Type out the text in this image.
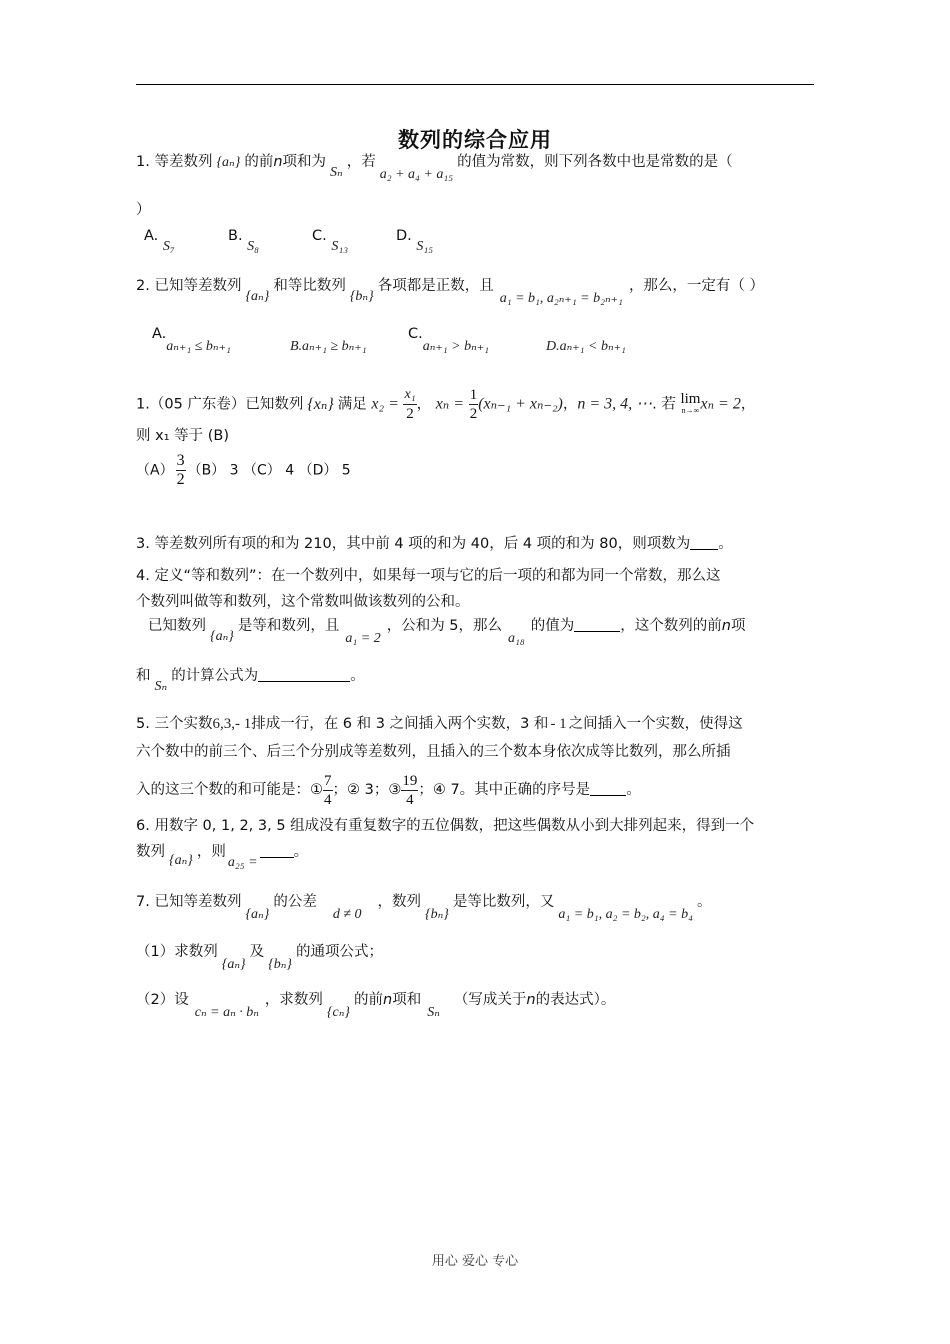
数列的综合应用
1. 等差数列 {aₙ} 的前n项和为Sₙ，若a₂ + a₄ + a₁₅的值为常数，则下列各数中也是常数的是（
）
A. S₇
B. S₈
C. S₁₃
D. S₁₅
2. 已知等差数列{aₙ}和等比数列{bₙ}各项都是正数，且a₁ = b₁, a₂ₙ₊₁ = b₂ₙ₊₁，那么，一定有（ ）
A.aₙ₊₁ ≤ bₙ₊₁	B.aₙ₊₁ ≥ bₙ₊₁
C.aₙ₊₁ > bₙ₊₁	D.aₙ₊₁ < bₙ₊₁
1.（05 广东卷）已知数列 {xₙ} 满足 $x_2 = \frac{\text{x₁}}{2}$ ， $x_n = \frac{1}{2} (x_{n-1} + x_{n-2})$，n = 3, 4, ⋯. 若 lim
n→∞ xₙ = 2，
则 x₁ 等于 (B)
$(A) \frac{3}{2} (B)$ 3 （C） 4 （D） 5
3. 等差数列所有项的和为 210，其中前 4 项的和为 40，后 4 项的和为 80，则项数为 。
4. 定义“等和数列”：在一个数列中，如果每一项与它的后一项的和都为同一个常数，那么这
个数列叫做等和数列，这个常数叫做该数列的公和。
已知数列{aₙ}是等和数列，且a₁ = 2，公和为 5，那么a₁₈的值为	，这个数列的前n项
和Sₙ的计算公式为	。
5. 三个实数6,3,- 1排成一行，在 6 和 3 之间插入两个实数，3 和 - 1 之间插入一个实数，使得这
六个数中的前三个、后三个分别成等差数列，且插入的三个数本身依次成等比数列，那么所插
入的这三个数的和可能是：① $\frac{7}{4}$ ；② 3；③ $\frac{19}{4}$ ；④ 7。其中正确的序号是 。
6. 用数字 0, 1, 2, 3, 5 组成没有重复数字的五位偶数，把这些偶数从小到大排列起来，得到一个
数列{aₙ}，则a₂₅ =。
7. 已知等差数列{aₙ}的公差d ≠ 0，数列{bₙ}是等比数列，又a₁ = b₁, a₂ = b₂, a₄ = b₄。
（1）求数列{aₙ}及{bₙ}的通项公式；
（2）设cₙ = aₙ · bₙ，求数列{cₙ}的前n项和Sₙ（写成关于n的表达式）。
用心 爱心 专心
